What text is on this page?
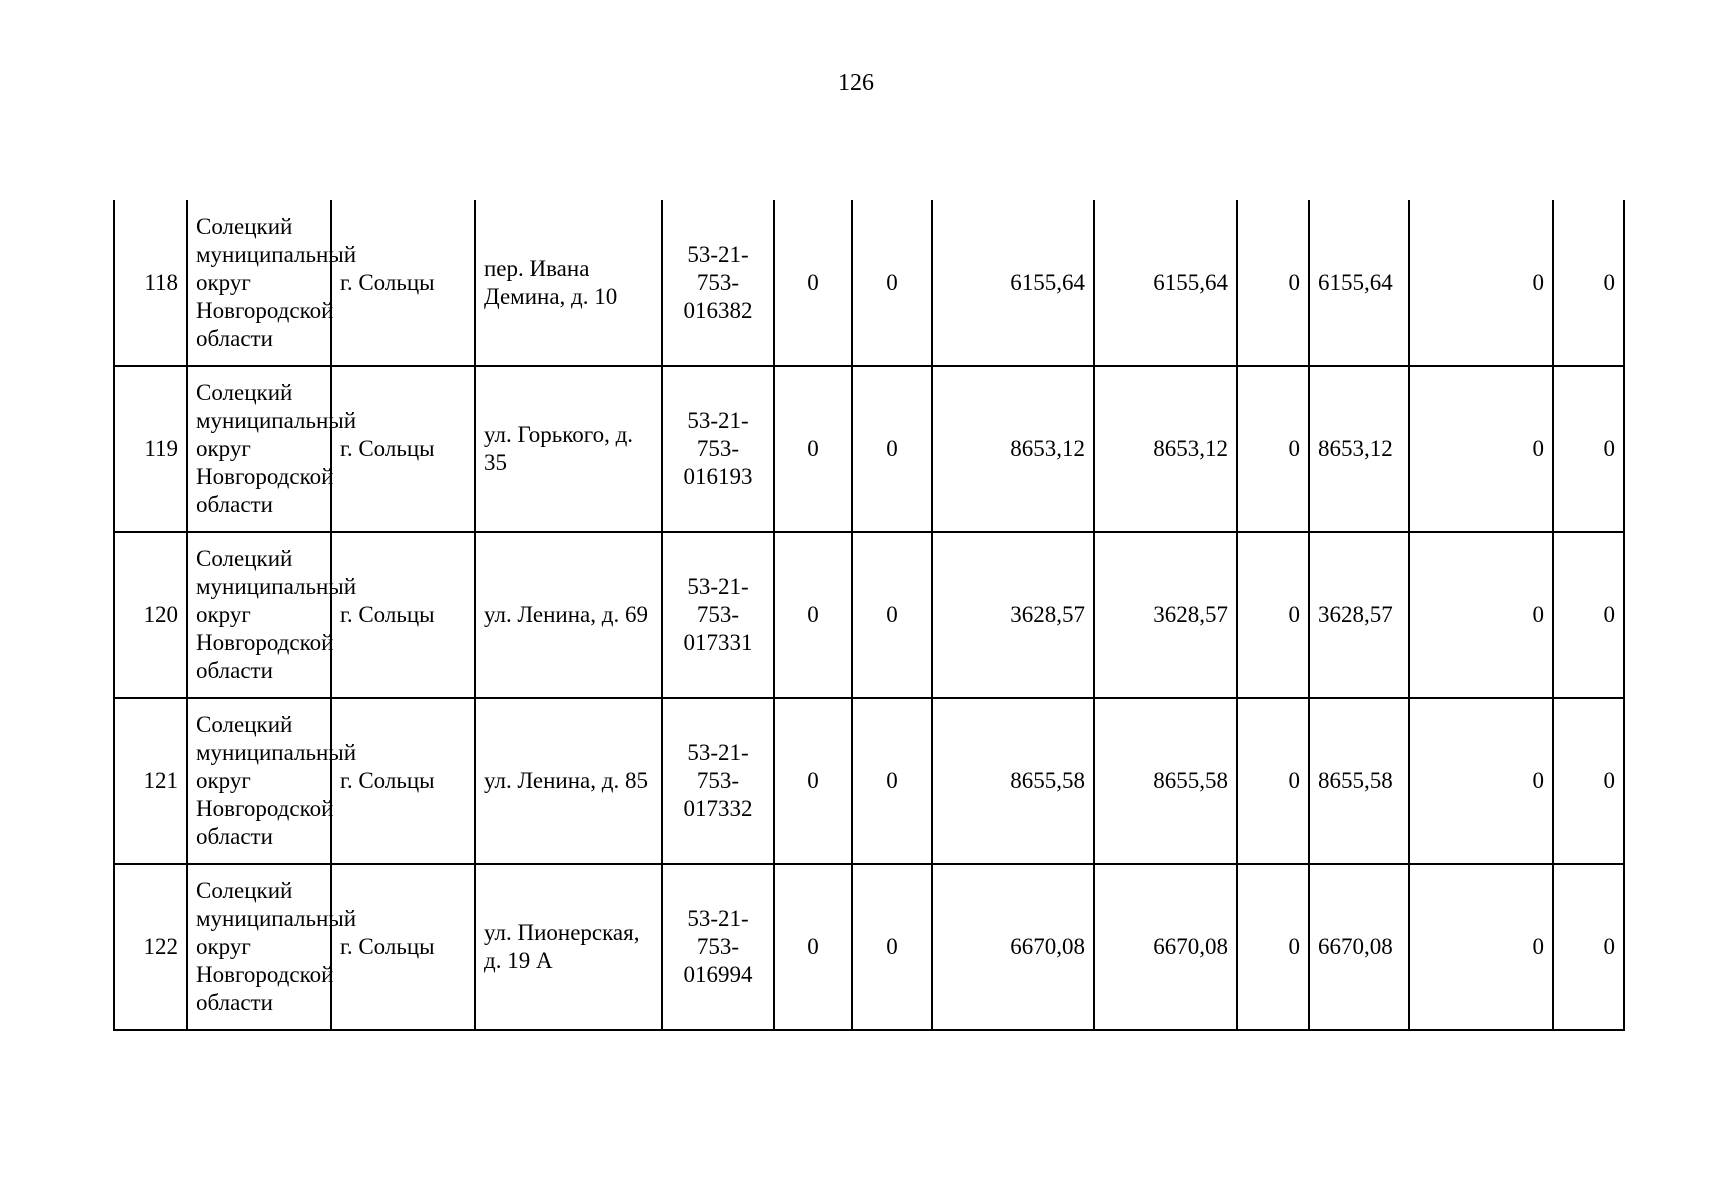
126
118	Солецкий муниципальный округ Новгородской области	г. Сольцы	пер. Ивана Демина, д. 10	53-21-753-016382	0	0	6155,64	6155,64	0	6155,64	0	0
119	Солецкий муниципальный округ Новгородской области	г. Сольцы	ул. Горького, д. 35	53-21-753-016193	0	0	8653,12	8653,12	0	8653,12	0	0
120	Солецкий муниципальный округ Новгородской области	г. Сольцы	ул. Ленина, д. 69	53-21-753-017331	0	0	3628,57	3628,57	0	3628,57	0	0
121	Солецкий муниципальный округ Новгородской области	г. Сольцы	ул. Ленина, д. 85	53-21-753-017332	0	0	8655,58	8655,58	0	8655,58	0	0
122	Солецкий муниципальный округ Новгородской области	г. Сольцы	ул. Пионерская, д. 19 А	53-21-753-016994	0	0	6670,08	6670,08	0	6670,08	0	0
